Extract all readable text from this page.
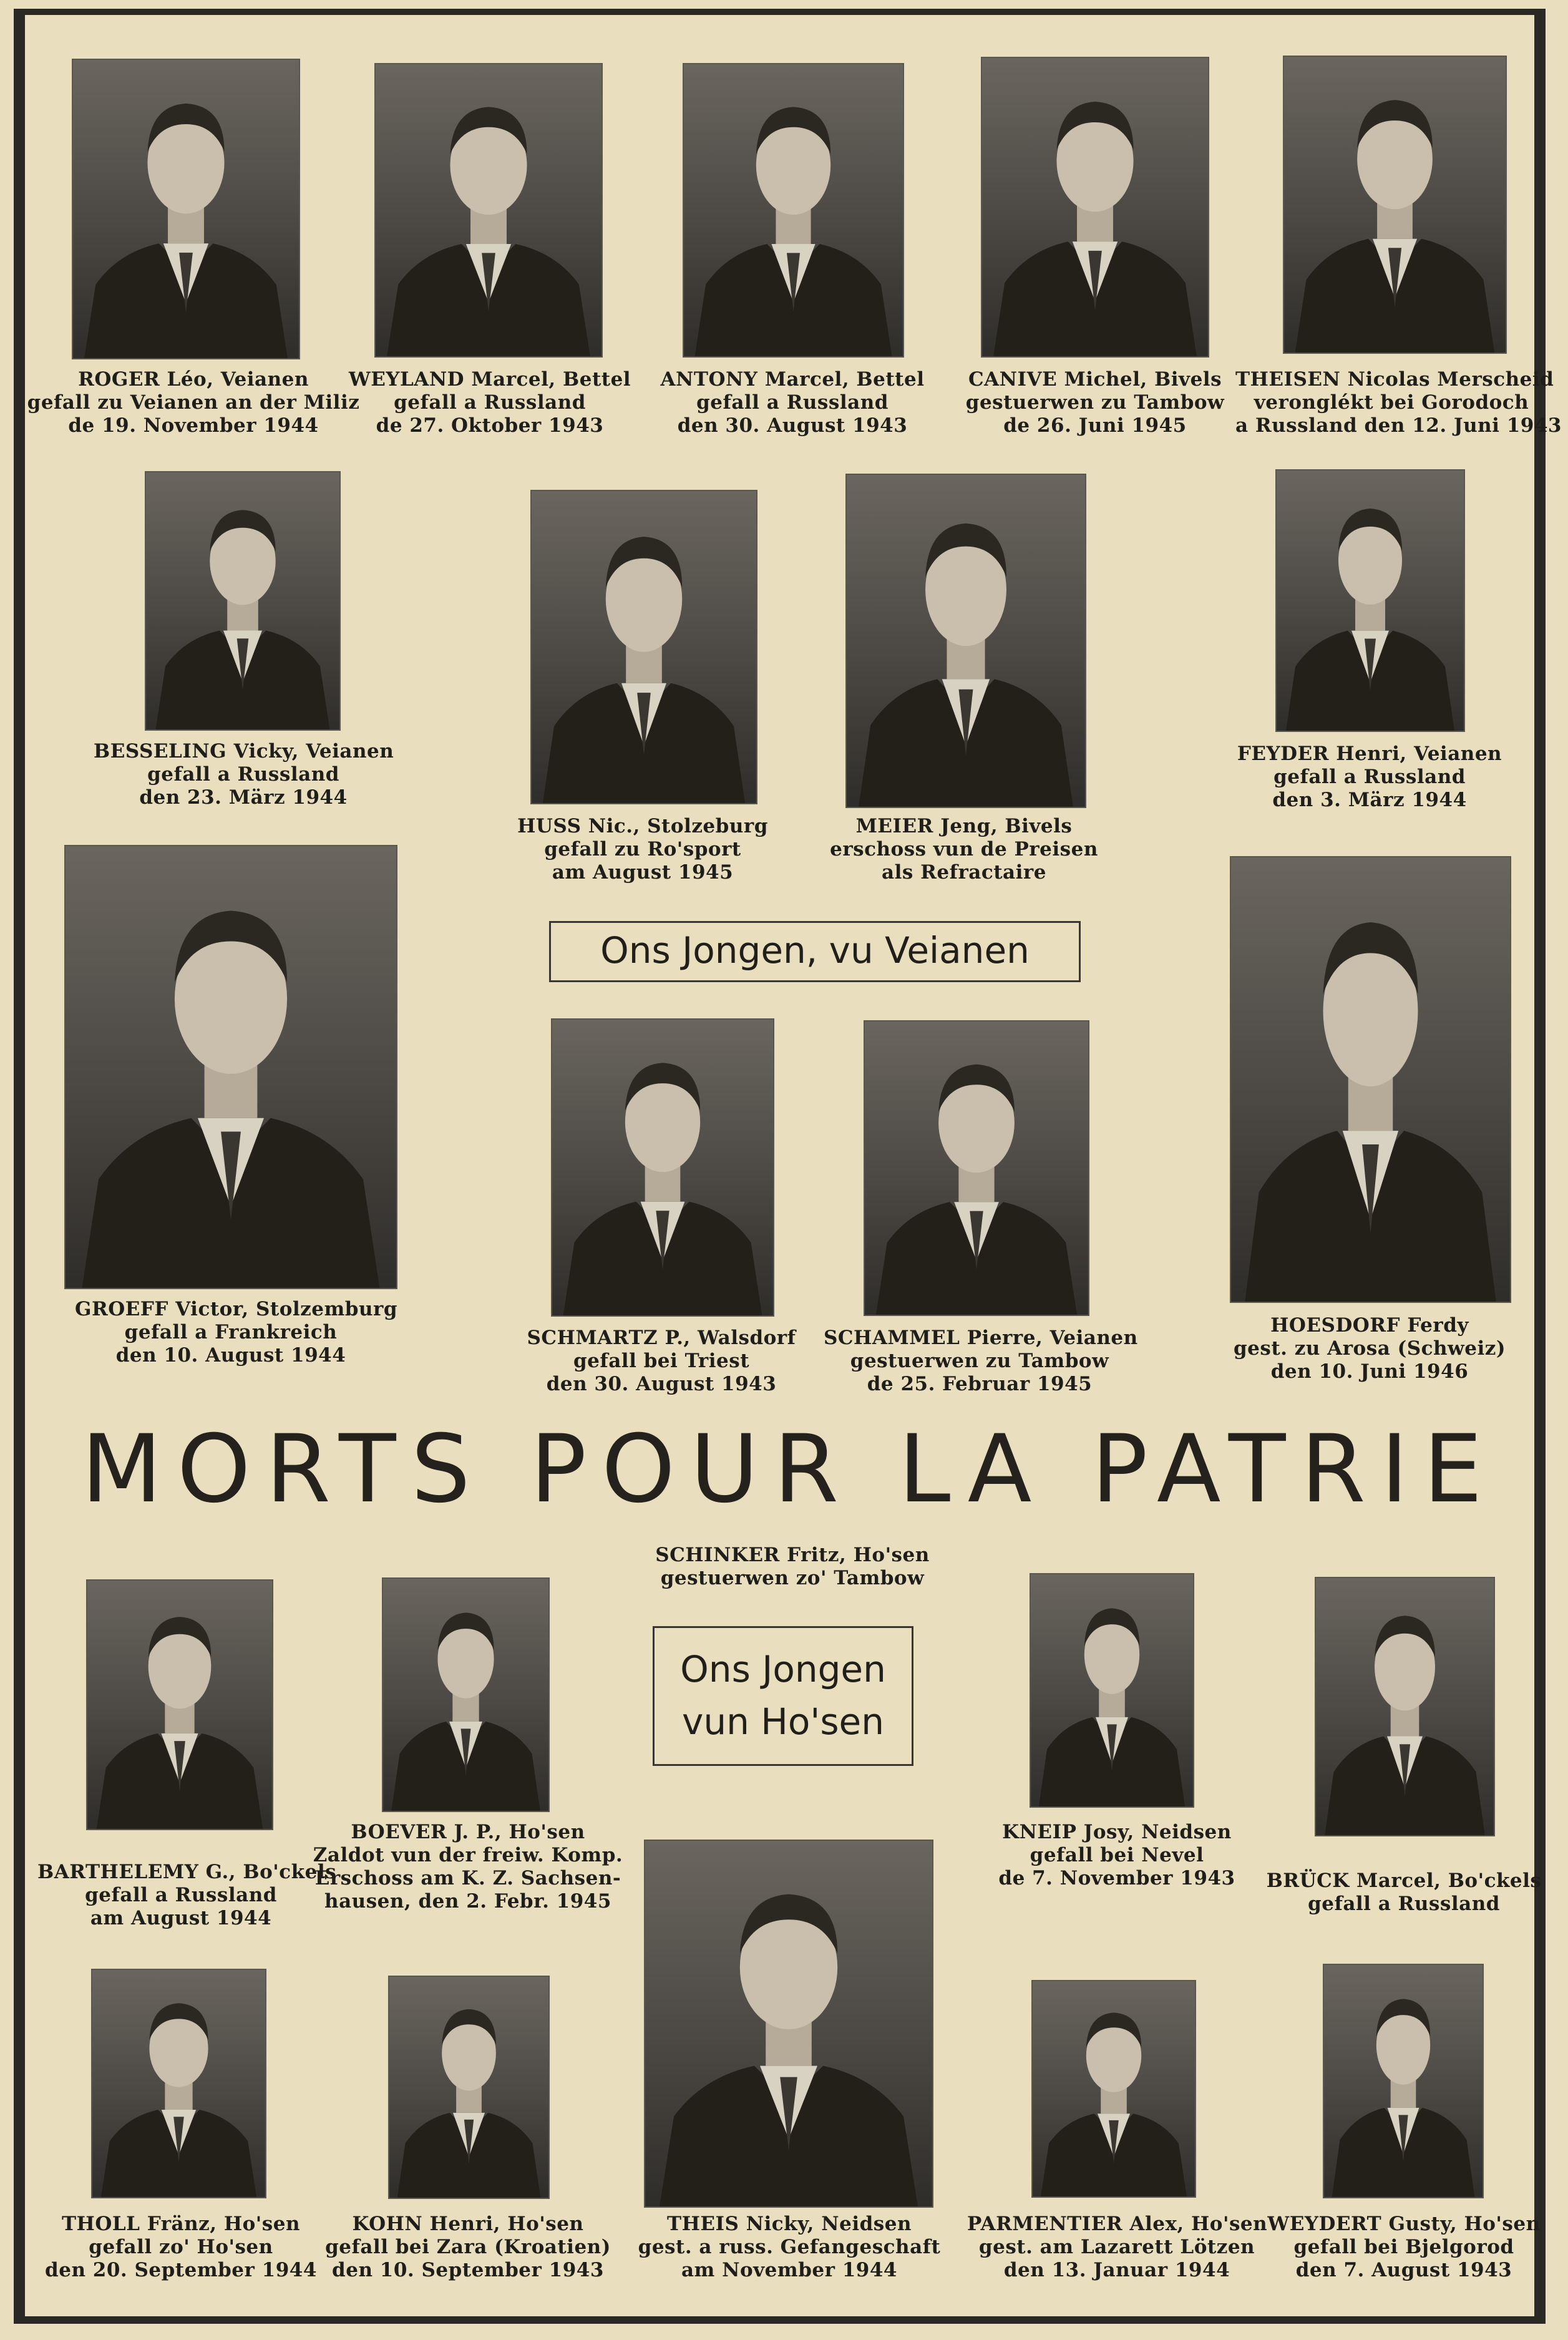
ROGER Léo, Veianen
gefall zu Veianen an der Miliz
de 19. November 1944
WEYLAND Marcel, Bettel
gefall a Russland
de 27. Oktober 1943
ANTONY Marcel, Bettel
gefall a Russland
den 30. August 1943
CANIVE Michel, Bivels
gestuerwen zu Tambow
de 26. Juni 1945
THEISEN Nicolas Merscheid
veronglékt bei Gorodoch
a Russland den 12. Juni 1943
BESSELING Vicky, Veianen
gefall a Russland
den 23. März 1944
HUSS Nic., Stolzeburg
gefall zu Ro'sport
am August 1945
MEIER Jeng, Bivels
erschoss vun de Preisen
als Refractaire
FEYDER Henri, Veianen
gefall a Russland
den 3. März 1944
Ons Jongen, vu Veianen
GROEFF Victor, Stolzemburg
gefall a Frankreich
den 10. August 1944
SCHMARTZ P., Walsdorf
gefall bei Triest
den 30. August 1943
SCHAMMEL Pierre, Veianen
gestuerwen zu Tambow
de 25. Februar 1945
HOESDORF Ferdy
gest. zu Arosa (Schweiz)
den 10. Juni 1946
MORTS POUR LA PATRIE
SCHINKER Fritz, Ho'sen
gestuerwen zo' Tambow
Ons Jongen
vun Ho'sen
BARTHELEMY G., Bo'ckels
gefall a Russland
am August 1944
BOEVER J. P., Ho'sen
Zaldot vun der freiw. Komp.
Erschoss am K. Z. Sachsen-
hausen, den 2. Febr. 1945
KNEIP Josy, Neidsen
gefall bei Nevel
de 7. November 1943	BRÜCK Marcel, Bo'ckels
gefall a Russland
THOLL Fränz, Ho'sen
gefall zo' Ho'sen
den 20. September 1944
KOHN Henri, Ho'sen
gefall bei Zara (Kroatien)
den 10. September 1943
THEIS Nicky, Neidsen
gest. a russ. Gefangeschaft
am November 1944
PARMENTIER Alex, Ho'sen
gest. am Lazarett Lötzen
den 13. Januar 1944
WEYDERT Gusty, Ho'sen
gefall bei Bjelgorod
den 7. August 1943
